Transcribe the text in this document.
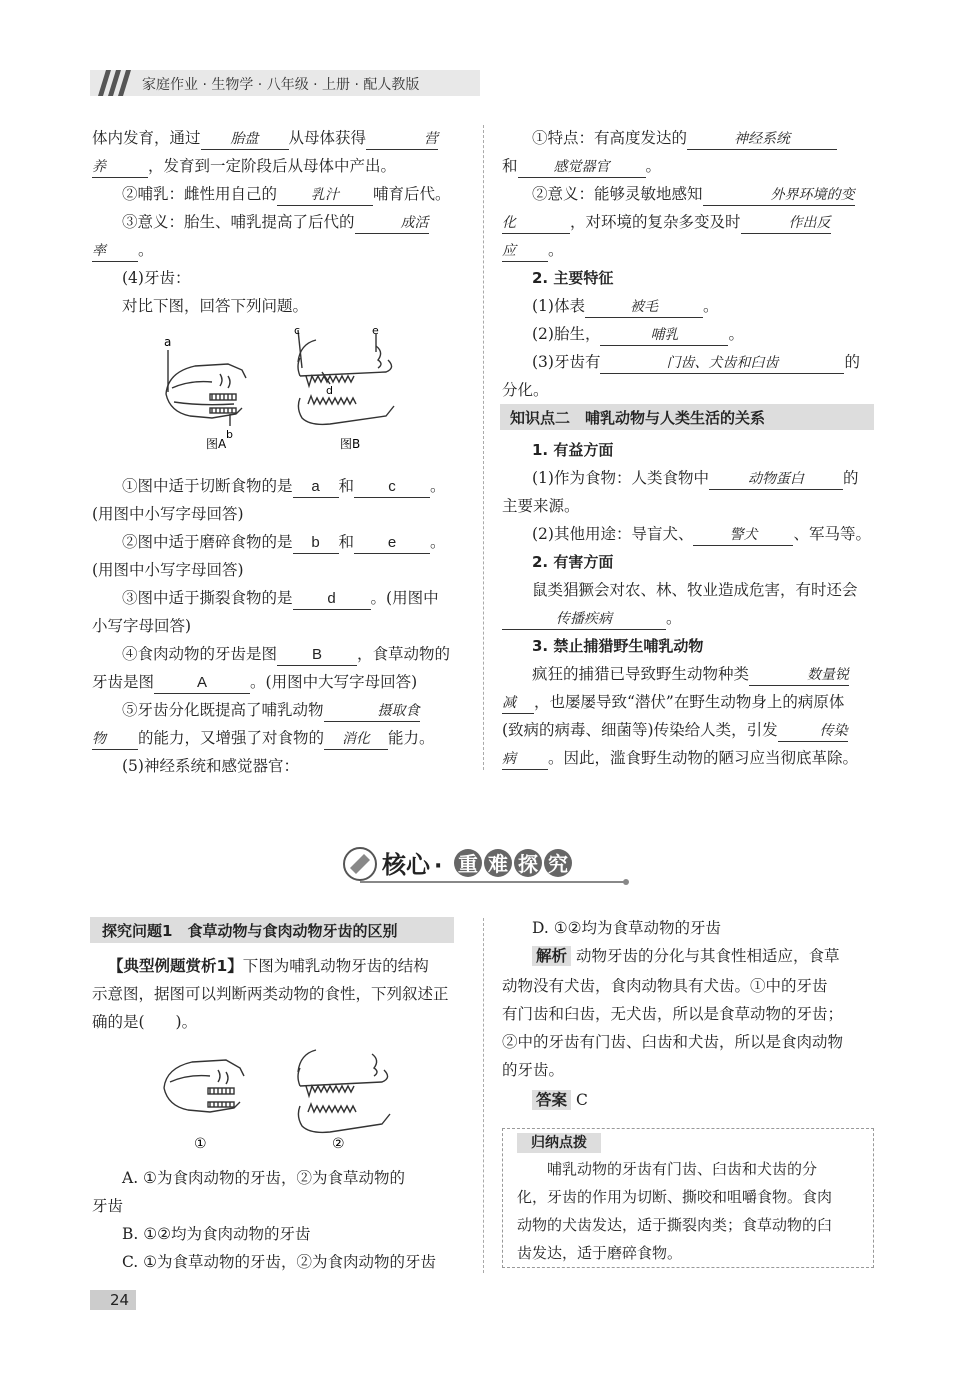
家庭作业 · 生物学 · 八年级 · 上册 · 配人教版
体内发育，通过 胎盘 从母体获得	营
养	，发育到一定阶段后从母体中产出。
②哺乳：雌性用自己的 乳汁 哺育后代。
③意义：胎生、哺乳提高了后代的	成活
率 。
(4)牙齿：
对比下图，回答下列问题。
a
b
c
d
e
图A	图B
①图中适于切断食物的是 a 和 c 。
(用图中小写字母回答)
②图中适于磨碎食物的是 b 和 e 。
(用图中小写字母回答)
③图中适于撕裂食物的是 d 。(用图中
小写字母回答)
④食肉动物的牙齿是图 B ，食草动物的
牙齿是图	A	。(用图中大写字母回答)
⑤牙齿分化既提高了哺乳动物	摄取食
物 的能力，又增强了对食物的 消化 能力。
(5)神经系统和感觉器官：
①特点：有高度发达的	神经系统
和	感觉器官 。
②意义：能够灵敏地感知	外界环境的变
化	，对环境的复杂多变及时	作出反
应 。
2. 主要特征
(1)体表	被毛	。
(2)胎生，	哺乳	。
(3)牙齿有	门齿、犬齿和臼齿	的
分化。
知识点二　哺乳动物与人类生活的关系
1. 有益方面
(1)作为食物：人类食物中	动物蛋白	的
主要来源。
(2)其他用途：导盲犬、	警犬 、军马等。
2. 有害方面
鼠类猖獗会对农、林、牧业造成危害，有时还会
传播疾病	。
3. 禁止捕猎野生哺乳动物
疯狂的捕猎已导致野生动物种类	数量锐
减 ，也屡屡导致“潜伏”在野生动物身上的病原体
(致病的病毒、细菌等)传染给人类，引发	传染
病 。因此，滥食野生动物的陋习应当彻底革除。
核心 · 重 难 探 究
探究问题1　食草动物与食肉动物牙齿的区别
【典型例题赏析1】下图为哺乳动物牙齿的结构
示意图，据图可以判断两类动物的食性，下列叙述正
确的是(　　)。
①	②
A. ①为食肉动物的牙齿，②为食草动物的
牙齿
B. ①②均为食肉动物的牙齿
C. ①为食草动物的牙齿，②为食肉动物的牙齿
D. ①②均为食草动物的牙齿
解析 动物牙齿的分化与其食性相适应，食草
动物没有犬齿，食肉动物具有犬齿。①中的牙齿
有门齿和臼齿，无犬齿，所以是食草动物的牙齿；
②中的牙齿有门齿、臼齿和犬齿，所以是食肉动物
的牙齿。
答案 C
归纳点拨
哺乳动物的牙齿有门齿、臼齿和犬齿的分
化，牙齿的作用为切断、撕咬和咀嚼食物。食肉
动物的犬齿发达，适于撕裂肉类；食草动物的臼
齿发达，适于磨碎食物。
24
